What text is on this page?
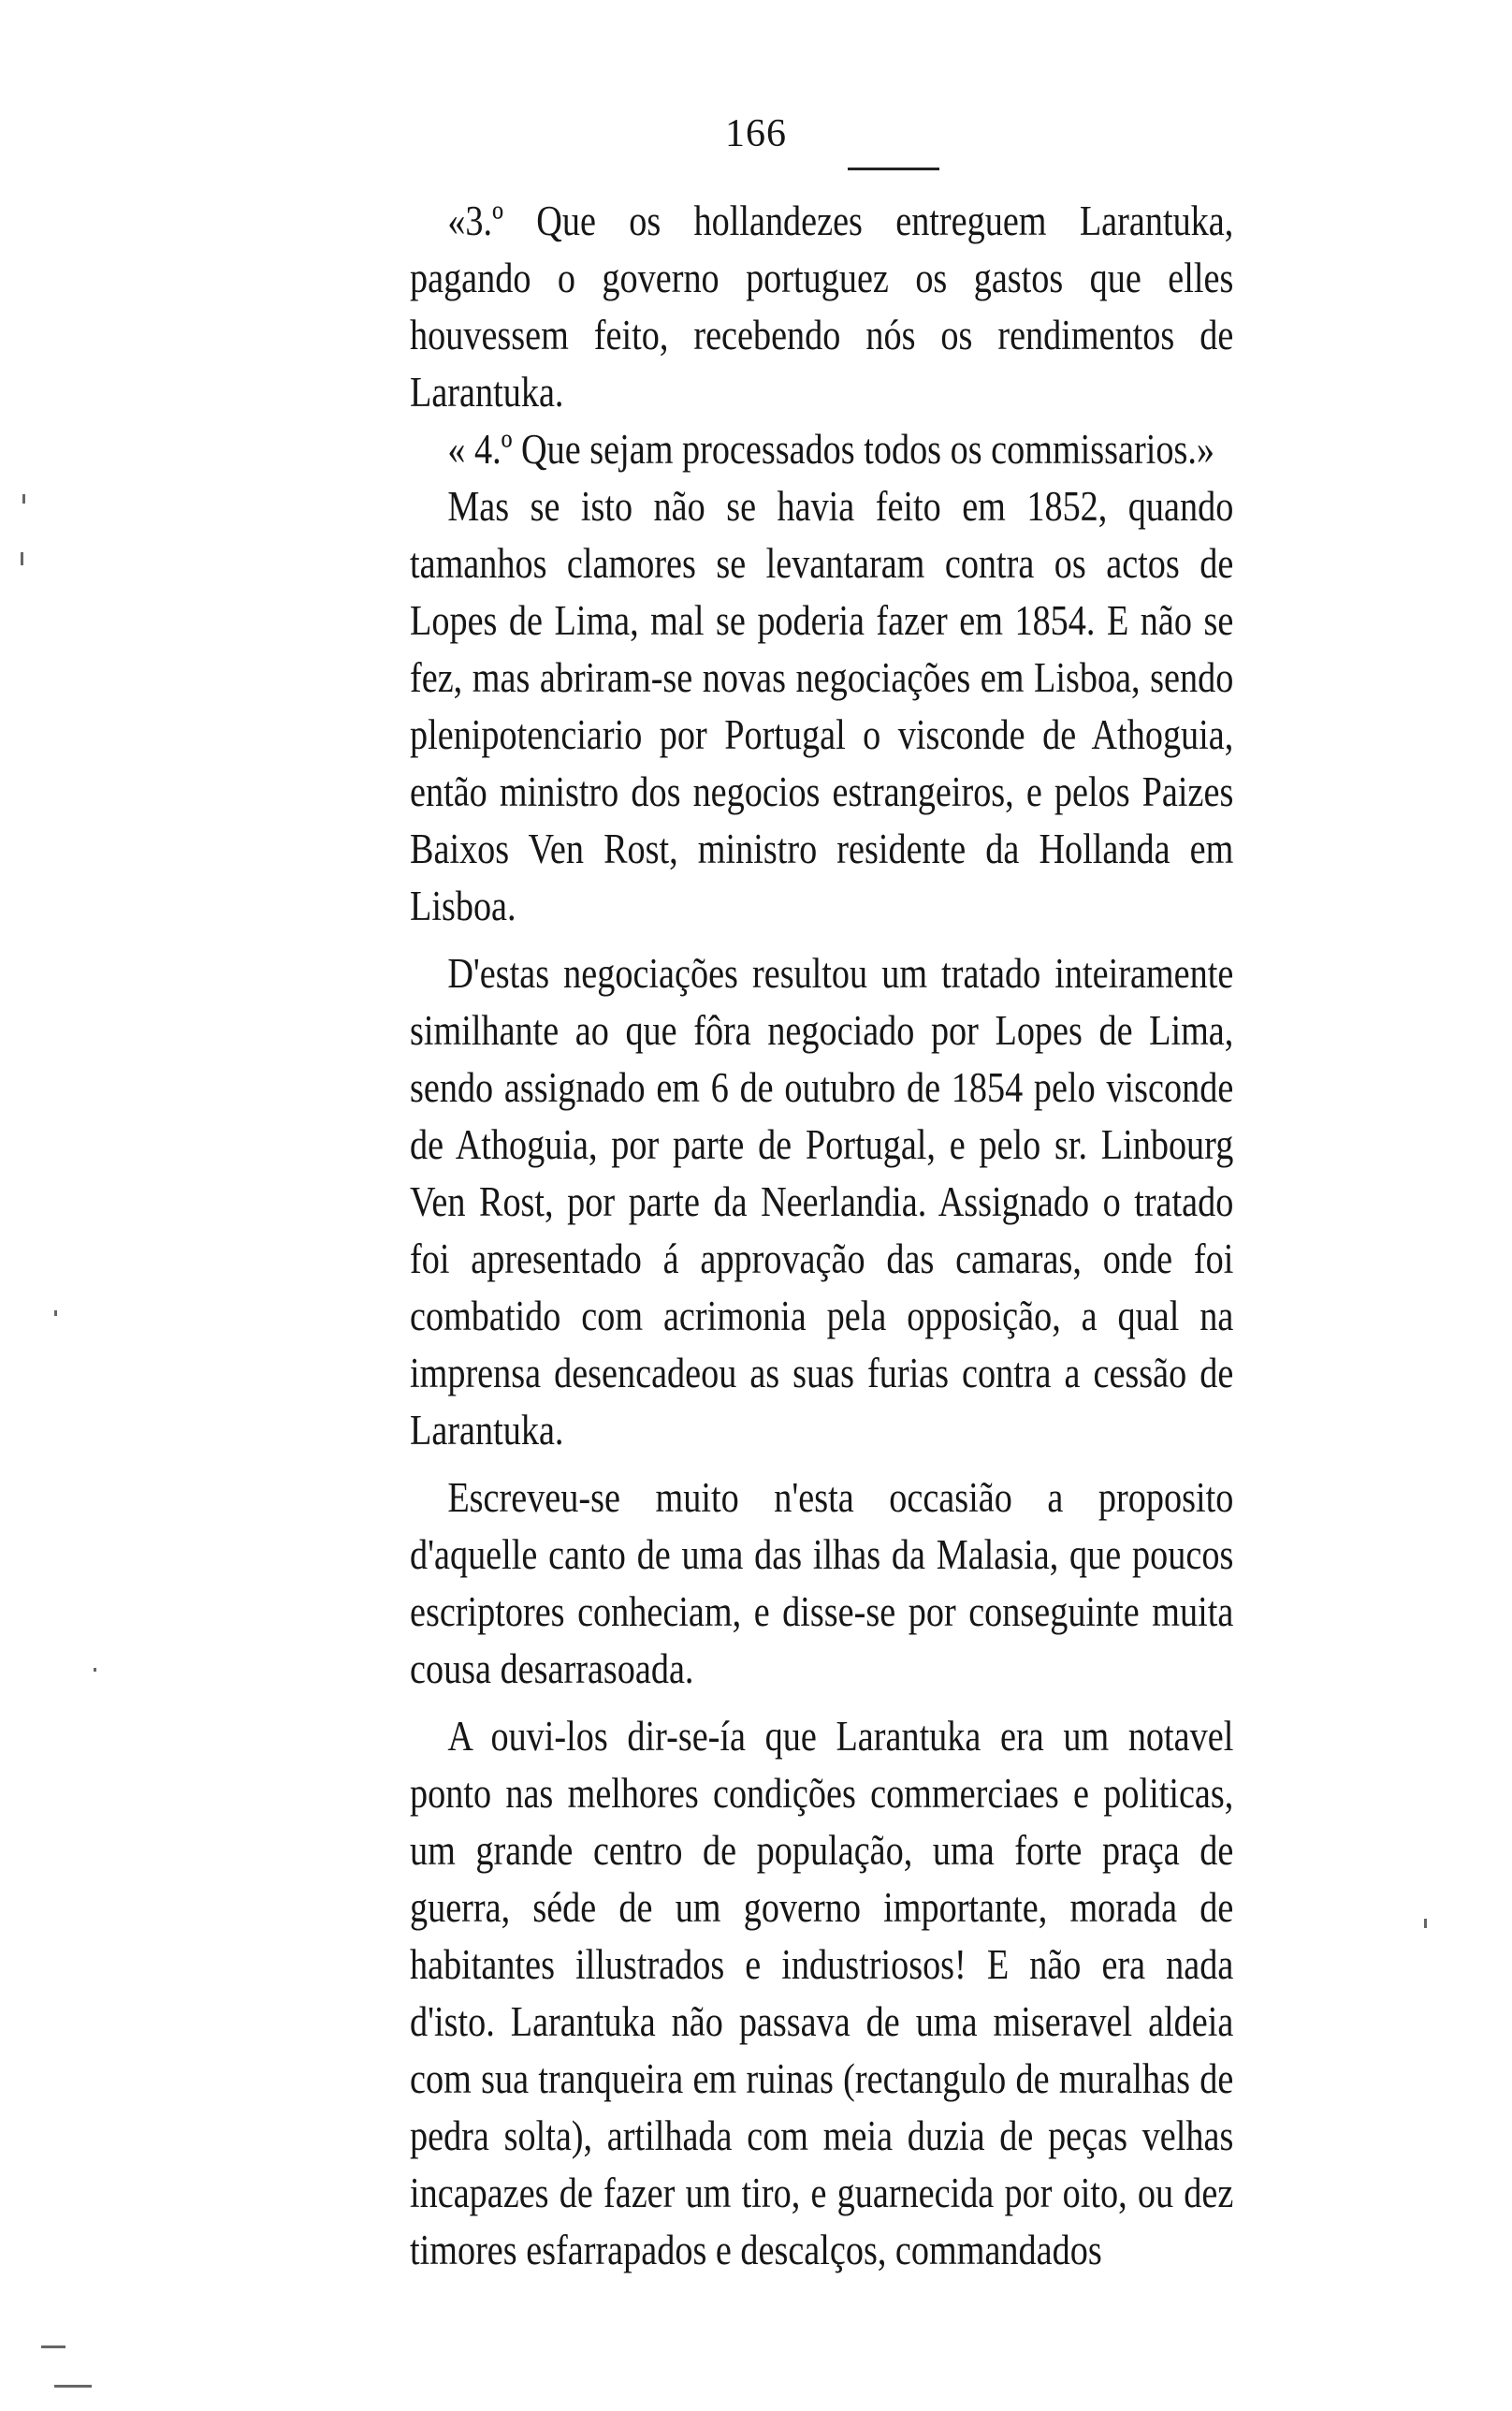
166

«3.º Que os hollandezes entreguem Larantuka, pagando o governo portuguez os gastos que elles houvessem feito, recebendo nós os rendimentos de Larantuka.

« 4.º Que sejam processados todos os commissarios.»

Mas se isto não se havia feito em 1852, quando tamanhos clamores se levantaram contra os actos de Lopes de Lima, mal se poderia fazer em 1854. E não se fez, mas abriram-se novas negociações em Lisboa, sendo plenipotenciario por Portugal o visconde de Athoguia, então ministro dos negocios estrangeiros, e pelos Paizes Baixos Ven Rost, ministro residente da Hollanda em Lisboa.

D'estas negociações resultou um tratado inteiramente similhante ao que fôra negociado por Lopes de Lima, sendo assignado em 6 de outubro de 1854 pelo visconde de Athoguia, por parte de Portugal, e pelo sr. Linbourg Ven Rost, por parte da Neerlandia. Assignado o tratado foi apresentado á approvação das camaras, onde foi combatido com acrimonia pela opposição, a qual na imprensa desencadeou as suas furias contra a cessão de Larantuka.

Escreveu-se muito n'esta occasião a proposito d'aquelle canto de uma das ilhas da Malasia, que poucos escriptores conheciam, e disse-se por conseguinte muita cousa desarrasoada.

A ouvi-los dir-se-ía que Larantuka era um notavel ponto nas melhores condições commerciaes e politicas, um grande centro de população, uma forte praça de guerra, séde de um governo importante, morada de habitantes illustrados e industriosos! E não era nada d'isto. Larantuka não passava de uma miseravel aldeia com sua tranqueira em ruinas (rectangulo de muralhas de pedra solta), artilhada com meia duzia de peças velhas incapazes de fazer um tiro, e guarnecida por oito, ou dez timores esfarrapados e descalços, commandados
